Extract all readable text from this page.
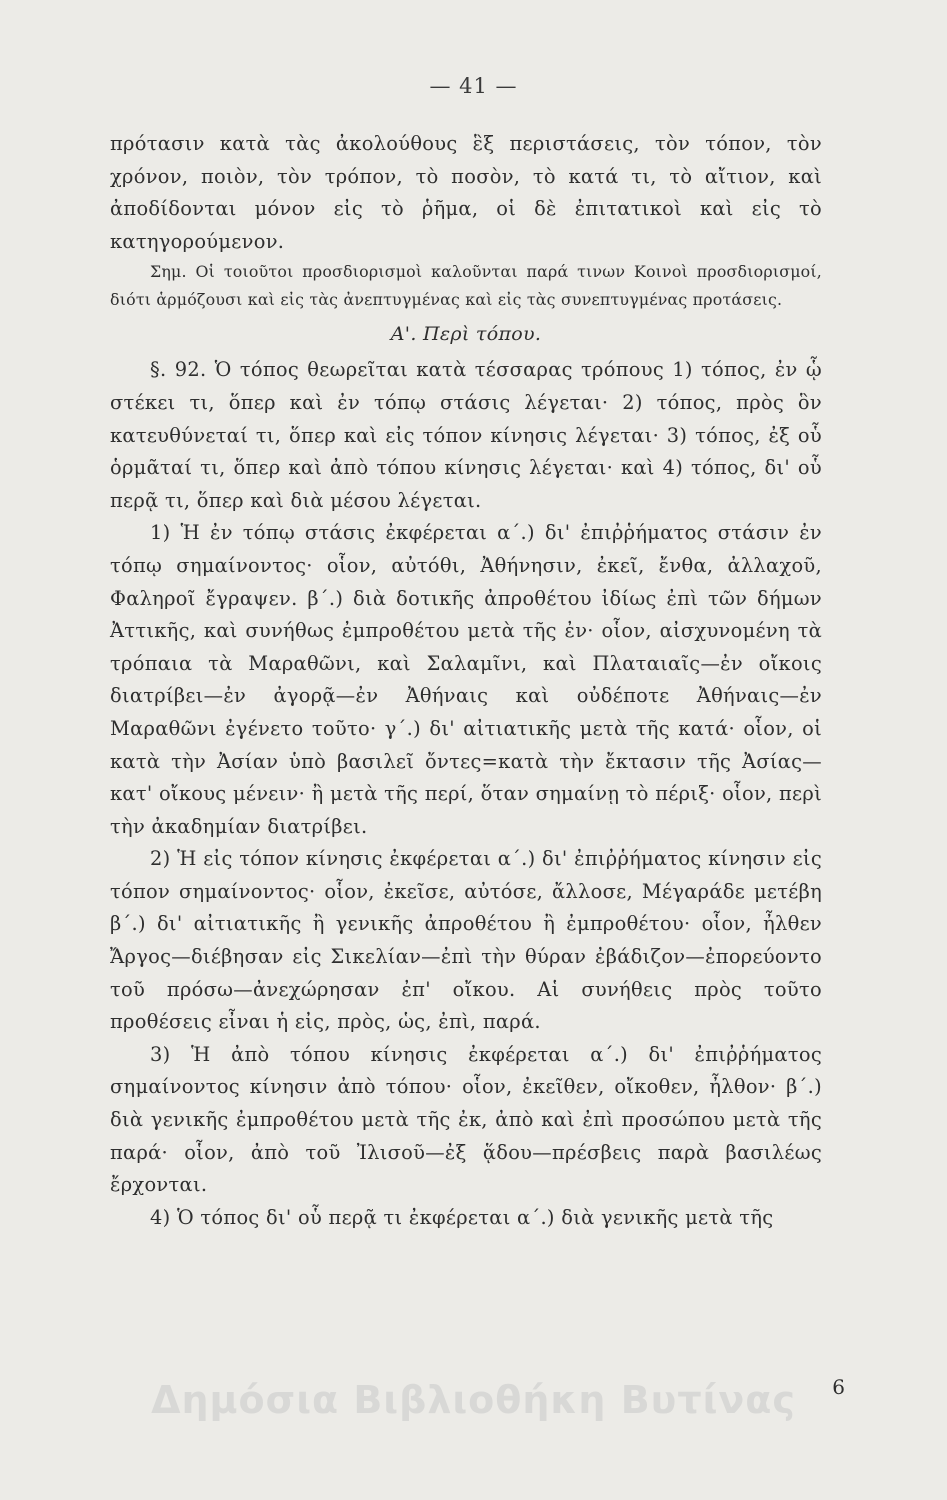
— 41 —

πρότασιν κατὰ τὰς ἀκολούθους ἓξ περιστάσεις, τὸν τόπον, τὸν χρόνον, ποιὸν, τὸν τρόπον, τὸ ποσὸν, τὸ κατά τι, τὸ αἴτιον, καὶ ἀποδίδονται μόνον εἰς τὸ ῥῆμα, οἱ δὲ ἐπιτατικοὶ καὶ εἰς τὸ κατηγορούμενον.

Σημ. Οἱ τοιοῦτοι προσδιορισμοὶ καλοῦνται παρά τινων Κοινοὶ προσδιορισμοί, διότι ἁρμόζουσι καὶ εἰς τὰς ἀνεπτυγμένας καὶ εἰς τὰς συνεπτυγμένας προτάσεις.

Α'. Περὶ τόπου.

§. 92. Ὁ τόπος θεωρεῖται κατὰ τέσσαρας τρόπους 1) τόπος, ἐν ᾧ στέκει τι, ὅπερ καὶ ἐν τόπῳ στάσις λέγεται· 2) τόπος, πρὸς ὃν κατευθύνεταί τι, ὅπερ καὶ εἰς τόπον κίνησις λέγεται· 3) τόπος, ἐξ οὗ ὁρμᾶταί τι, ὅπερ καὶ ἀπὸ τόπου κίνησις λέγεται· καὶ 4) τόπος, δι' οὗ περᾷ τι, ὅπερ καὶ διὰ μέσου λέγεται.

1) Ἡ ἐν τόπῳ στάσις ἐκφέρεται α΄.) δι' ἐπιῤῥήματος στάσιν ἐν τόπῳ σημαίνοντος· οἷον, αὐτόθι, Ἀθήνησιν, ἐκεῖ, ἔνθα, ἀλλαχοῦ, Φαληροῖ ἔγραψεν. β΄.) διὰ δοτικῆς ἀπροθέτου ἰδίως ἐπὶ τῶν δήμων Ἀττικῆς, καὶ συνήθως ἐμπροθέτου μετὰ τῆς ἐν· οἷον, αἰσχυνομένη τὰ τρόπαια τὰ Μαραθῶνι, καὶ Σαλαμῖνι, καὶ Πλαταιαῖς—ἐν οἴκοις διατρίβει—ἐν ἀγορᾷ—ἐν Ἀθήναις καὶ οὐδέποτε Ἀθήναις—ἐν Μαραθῶνι ἐγένετο τοῦτο· γ΄.) δι' αἰτιατικῆς μετὰ τῆς κατά· οἷον, οἱ κατὰ τὴν Ἀσίαν ὑπὸ βασιλεῖ ὄντες=κατὰ τὴν ἔκτασιν τῆς Ἀσίας—κατ' οἴκους μένειν· ἢ μετὰ τῆς περί, ὅταν σημαίνῃ τὸ πέριξ· οἷον, περὶ τὴν ἀκαδημίαν διατρίβει.

2) Ἡ εἰς τόπον κίνησις ἐκφέρεται α΄.) δι' ἐπιῤῥήματος κίνησιν εἰς τόπον σημαίνοντος· οἷον, ἐκεῖσε, αὐτόσε, ἄλλοσε, Μέγαράδε μετέβη β΄.) δι' αἰτιατικῆς ἢ γενικῆς ἀπροθέτου ἢ ἐμπροθέτου· οἷον, ἦλθεν Ἄργος—διέβησαν εἰς Σικελίαν—ἐπὶ τὴν θύραν ἐβάδιζον—ἐπορεύοντο τοῦ πρόσω—ἀνεχώρησαν ἐπ' οἴκου. Αἱ συνήθεις πρὸς τοῦτο προθέσεις εἶναι ἡ εἰς, πρὸς, ὡς, ἐπὶ, παρά.

3) Ἡ ἀπὸ τόπου κίνησις ἐκφέρεται α΄.) δι' ἐπιῤῥήματος σημαίνοντος κίνησιν ἀπὸ τόπου· οἷον, ἐκεῖθεν, οἴκοθεν, ἦλθον· β΄.) διὰ γενικῆς ἐμπροθέτου μετὰ τῆς ἐκ, ἀπὸ καὶ ἐπὶ προσώπου μετὰ τῆς παρά· οἷον, ἀπὸ τοῦ Ἰλισοῦ—ἐξ ᾅδου—πρέσβεις παρὰ βασιλέως ἔρχονται.

4) Ὁ τόπος δι' οὗ περᾷ τι ἐκφέρεται α΄.) διὰ γενικῆς μετὰ τῆς

Δημόσια Βιβλιοθήκη Βυτίνας	6
